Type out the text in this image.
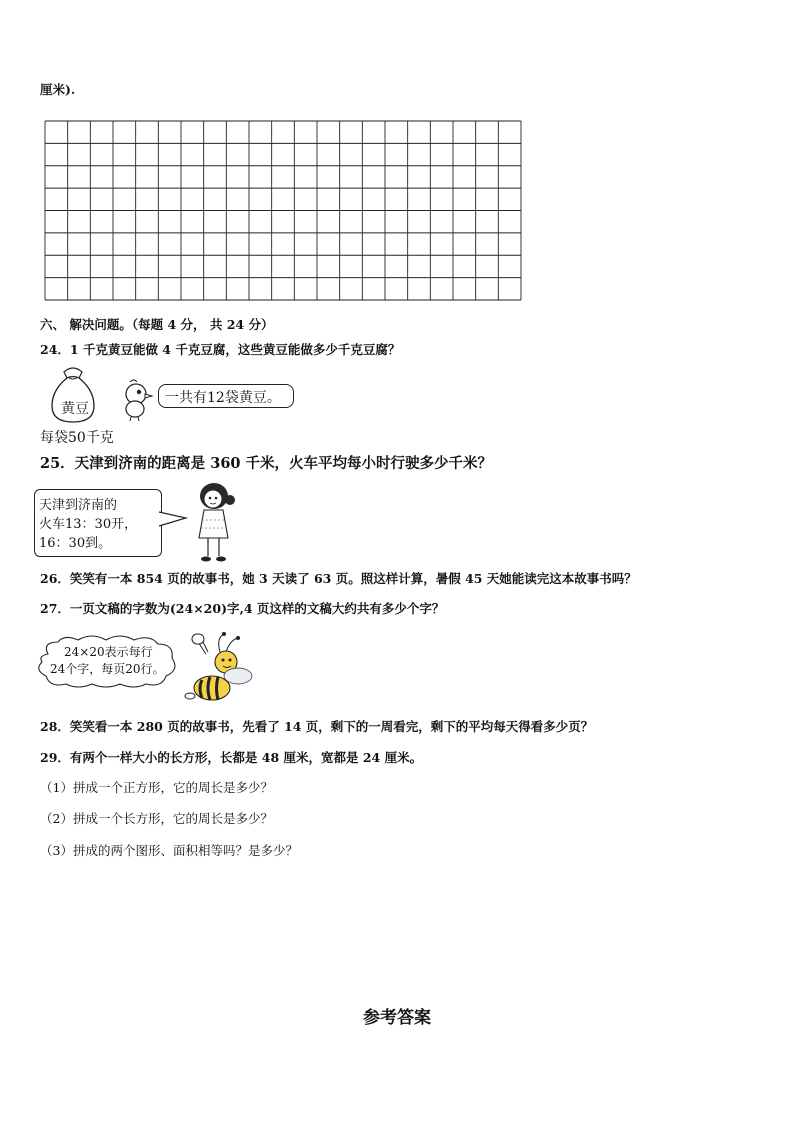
厘米).
六、 解决问题。（每题 4 分， 共 24 分）
24．1 千克黄豆能做 4 千克豆腐，这些黄豆能做多少千克豆腐？
黄豆
一共有12袋黄豆。
每袋50千克
25．天津到济南的距离是 360 千米，火车平均每小时行驶多少千米？
天津到济南的
火车13：30开，
16：30到。
26．笑笑有一本 854 页的故事书，她 3 天读了 63 页。照这样计算，暑假 45 天她能读完这本故事书吗？
27．一页文稿的字数为(24×20)字,4 页这样的文稿大约共有多少个字？
24×20表示每行
24个字，每页20行。
28．笑笑看一本 280 页的故事书，先看了 14 页，剩下的一周看完，剩下的平均每天得看多少页？
29．有两个一样大小的长方形，长都是 48 厘米，宽都是 24 厘米。
（1）拼成一个正方形，它的周长是多少？
（2）拼成一个长方形，它的周长是多少？
（3）拼成的两个图形、面积相等吗？是多少？
参考答案
